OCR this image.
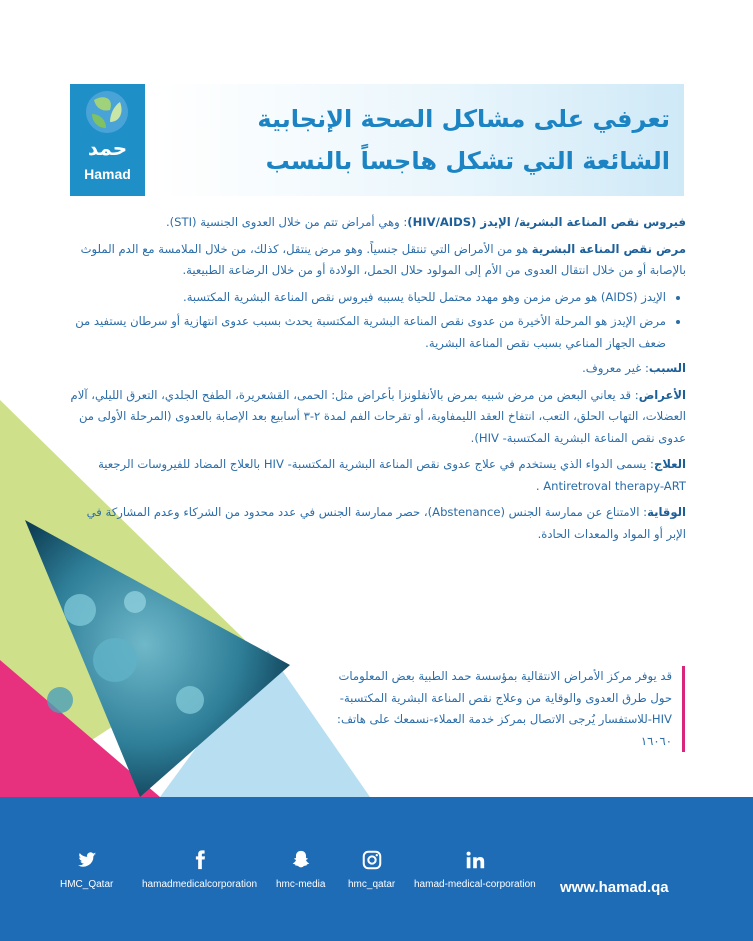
حمد
Hamad
تعرفي على مشاكل الصحة الإنجابية
الشائعة التي تشكل هاجساً بالنسب

فيروس نقص المناعة البشرية/ الإيدز (HIV/AIDS): وهي أمراض تتم من خلال العدوى الجنسية (STI).

مرض نقص المناعة البشرية هو من الأمراض التي تنتقل جنسياً. وهو مرض ينتقل، كذلك، من خلال الملامسة مع الدم الملوث بالإصابة أو من خلال انتقال العدوى من الأم إلى المولود حلال الحمل، الولادة أو من خلال الرضاعة الطبيعية.

• الإيدز (AIDS) هو مرض مزمن وهو مهدد محتمل للحياة يسببه فيروس نقص المناعة البشرية المكتسبة.
• مرض الإيدز هو المرحلة الأخيرة من عدوى نقص المناعة البشرية المكتسبة يحدث بسبب عدوى انتهازية أو سرطان يستفيد من ضعف الجهاز المناعي بسبب نقص المناعة البشرية.

السبب: غير معروف.

الأعراض: قد يعاني البعض من مرض شبيه بمرض بالأنفلونزا بأعراض مثل: الحمى، القشعريرة، الطفح الجلدي، التعرق الليلي، آلام العضلات، التهاب الحلق، التعب، انتفاخ العقد الليمفاوية، أو تقرحات الفم لمدة ٢-٣ أسابيع بعد الإصابة بالعدوى (المرحلة الأولى من عدوى نقص المناعة البشرية المكتسبة- HIV).

العلاج: يسمى الدواء الذي يستخدم في علاج عدوى نقص المناعة البشرية المكتسبة- HIV بالعلاج المضاد للفيروسات الرجعية Antiretroval therapy-ART .

الوقاية: الامتناع عن ممارسة الجنس (Abstenance)، حصر ممارسة الجنس في عدد محدود من الشركاء وعدم المشاركة في الإبر أو المواد والمعدات الحادة.

قد يوفر مركز الأمراض الانتقالية بمؤسسة حمد الطبية بعض المعلومات حول طرق العدوى والوقاية من وعلاج نقص المناعة البشرية المكتسبة-HIV-للاستفسار يُرجى الاتصال بمركز خدمة العملاء-نسمعك على هاتف: ١٦٠٦٠
HMC_Qatar	hamadmedicalcorporation hmc-media hmc_qatar hamad-medical-corporation www.hamad.qa
